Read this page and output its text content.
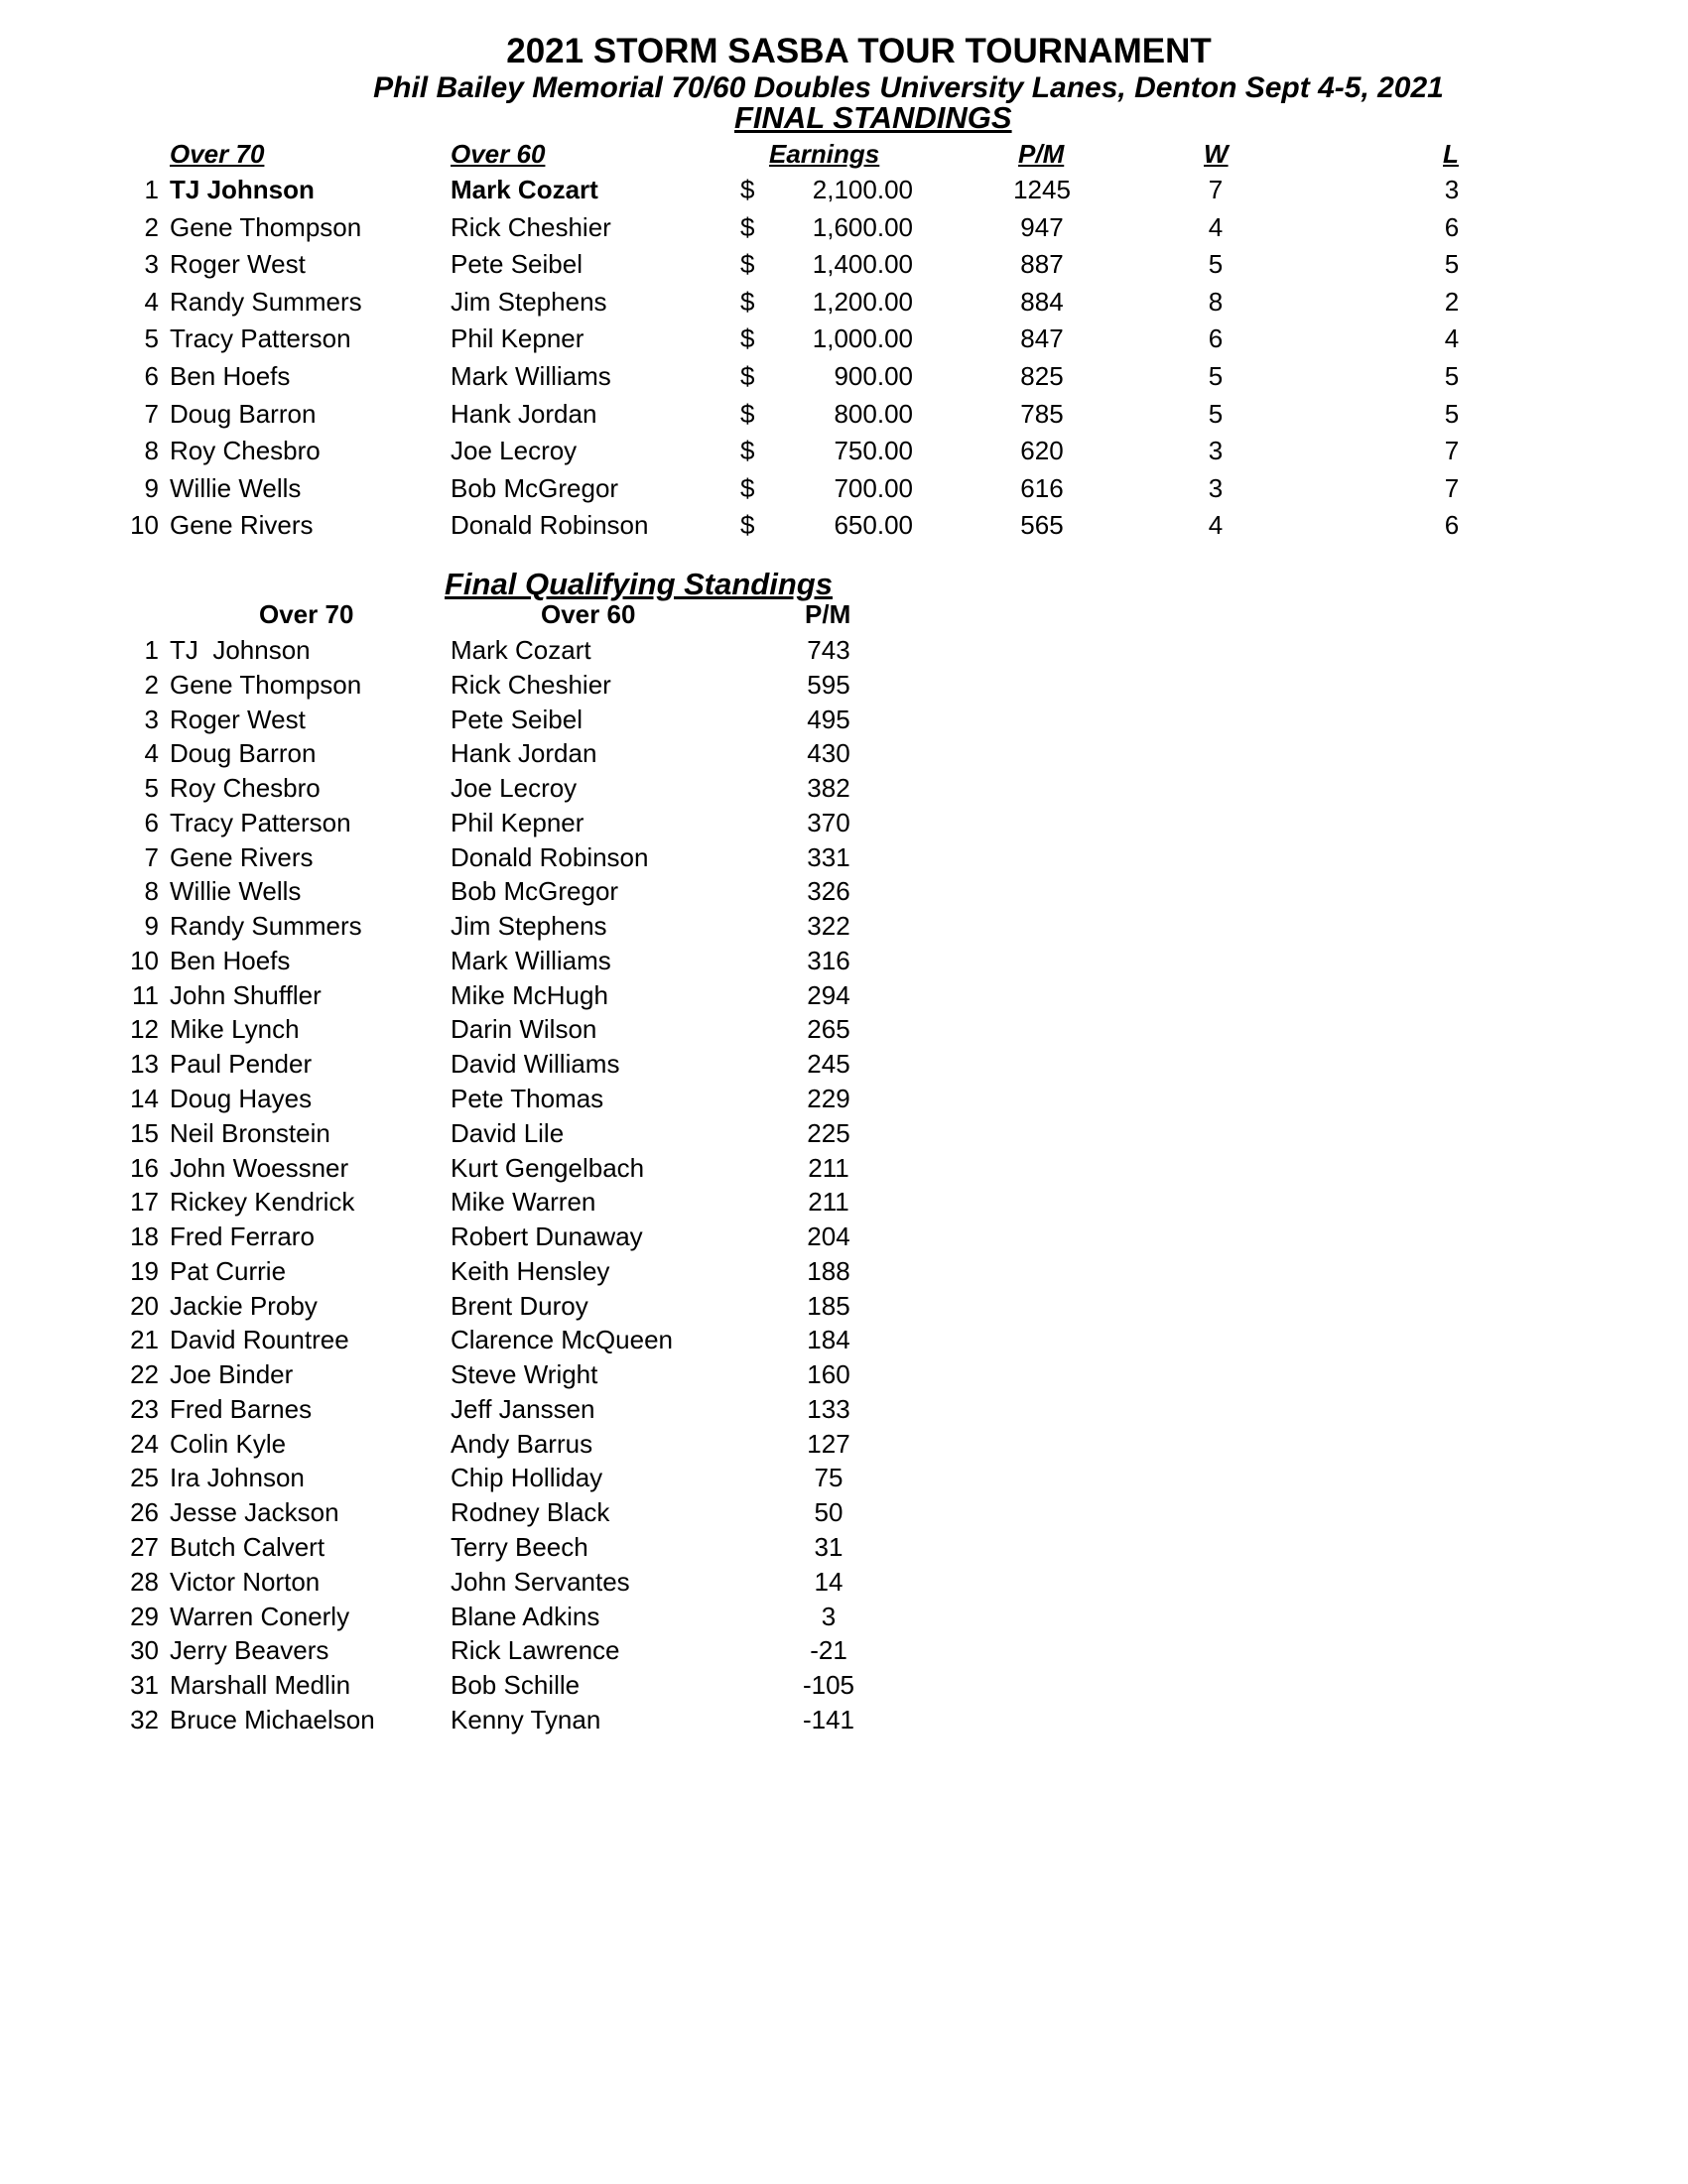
2021 STORM SASBA TOUR TOURNAMENT
Phil Bailey Memorial 70/60 Doubles University Lanes, Denton Sept 4-5, 2021
FINAL STANDINGS
Over 70	Over 60	Earnings	P/M	W	L
1 TJ Johnson	Mark Cozart	$	2,100.00	1245	7	3
2 Gene Thompson	Rick Cheshier	$	1,600.00	947	4	6
3 Roger West	Pete Seibel	$	1,400.00	887	5	5
4 Randy Summers	Jim Stephens	$	1,200.00	884	8	2
5 Tracy Patterson	Phil Kepner	$	1,000.00	847	6	4
6 Ben Hoefs	Mark Williams	$	900.00	825	5	5
7 Doug Barron	Hank Jordan	$	800.00	785	5	5
8 Roy Chesbro	Joe Lecroy	$	750.00	620	3	7
9 Willie Wells	Bob McGregor	$	700.00	616	3	7
10 Gene Rivers	Donald Robinson	$	650.00	565	4	6
Final Qualifying Standings
Over 70	Over 60	P/M
1 TJ  Johnson	Mark Cozart	743
2 Gene Thompson	Rick Cheshier	595
3 Roger West	Pete Seibel	495
4 Doug Barron	Hank Jordan	430
5 Roy Chesbro	Joe Lecroy	382
6 Tracy Patterson	Phil Kepner	370
7 Gene Rivers	Donald Robinson	331
8 Willie Wells	Bob McGregor	326
9 Randy Summers	Jim Stephens	322
10 Ben Hoefs	Mark Williams	316
11 John Shuffler	Mike McHugh	294
12 Mike Lynch	Darin Wilson	265
13 Paul Pender	David Williams	245
14 Doug Hayes	Pete Thomas	229
15 Neil Bronstein	David Lile	225
16 John Woessner	Kurt Gengelbach	211
17 Rickey Kendrick	Mike Warren	211
18 Fred Ferraro	Robert Dunaway	204
19 Pat Currie	Keith Hensley	188
20 Jackie Proby	Brent Duroy	185
21 David Rountree	Clarence McQueen	184
22 Joe Binder	Steve Wright	160
23 Fred Barnes	Jeff Janssen	133
24 Colin Kyle	Andy Barrus	127
25 Ira Johnson	Chip Holliday	75
26 Jesse Jackson	Rodney Black	50
27 Butch Calvert	Terry Beech	31
28 Victor Norton	John Servantes	14
29 Warren Conerly	Blane Adkins	3
30 Jerry Beavers	Rick Lawrence	-21
31 Marshall Medlin	Bob Schille	-105
32 Bruce Michaelson	Kenny Tynan	-141
